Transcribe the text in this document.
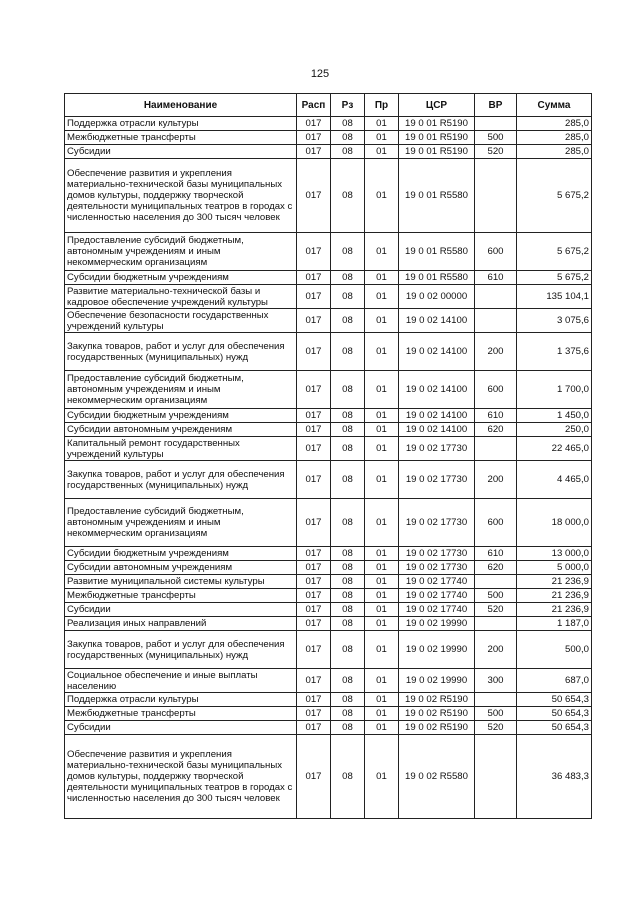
125
Наименование	Расп	Рз	Пр	ЦСР	ВР	Сумма
Поддержка отрасли культуры	017	08	01	19 0 01 R5190		285,0
Межбюджетные трансферты	017	08	01	19 0 01 R5190	500	285,0
Субсидии	017	08	01	19 0 01 R5190	520	285,0
Обеспечение развития и укрепления материально-технической базы муниципальных домов культуры, поддержку творческой деятельности муниципальных театров в городах с численностью населения до 300 тысяч человек	017	08	01	19 0 01 R5580		5 675,2
Предоставление субсидий бюджетным, автономным учреждениям и иным некоммерческим организациям	017	08	01	19 0 01 R5580	600	5 675,2
Субсидии бюджетным учреждениям	017	08	01	19 0 01 R5580	610	5 675,2
Развитие материально-технической базы и кадровое обеспечение учреждений культуры	017	08	01	19 0 02 00000		135 104,1
Обеспечение безопасности государственных учреждений культуры	017	08	01	19 0 02 14100		3 075,6
Закупка товаров, работ и услуг для обеспечения государственных (муниципальных) нужд	017	08	01	19 0 02 14100	200	1 375,6
Предоставление субсидий бюджетным, автономным учреждениям и иным некоммерческим организациям	017	08	01	19 0 02 14100	600	1 700,0
Субсидии бюджетным учреждениям	017	08	01	19 0 02 14100	610	1 450,0
Субсидии автономным учреждениям	017	08	01	19 0 02 14100	620	250,0
Капитальный ремонт государственных учреждений культуры	017	08	01	19 0 02 17730		22 465,0
Закупка товаров, работ и услуг для обеспечения государственных (муниципальных) нужд	017	08	01	19 0 02 17730	200	4 465,0
Предоставление субсидий бюджетным, автономным учреждениям и иным некоммерческим организациям	017	08	01	19 0 02 17730	600	18 000,0
Субсидии бюджетным учреждениям	017	08	01	19 0 02 17730	610	13 000,0
Субсидии автономным учреждениям	017	08	01	19 0 02 17730	620	5 000,0
Развитие муниципальной системы культуры	017	08	01	19 0 02 17740		21 236,9
Межбюджетные трансферты	017	08	01	19 0 02 17740	500	21 236,9
Субсидии	017	08	01	19 0 02 17740	520	21 236,9
Реализация иных направлений	017	08	01	19 0 02 19990		1 187,0
Закупка товаров, работ и услуг для обеспечения государственных (муниципальных) нужд	017	08	01	19 0 02 19990	200	500,0
Социальное обеспечение и иные выплаты населению	017	08	01	19 0 02 19990	300	687,0
Поддержка отрасли культуры	017	08	01	19 0 02 R5190		50 654,3
Межбюджетные трансферты	017	08	01	19 0 02 R5190	500	50 654,3
Субсидии	017	08	01	19 0 02 R5190	520	50 654,3
Обеспечение развития и укрепления материально-технической базы муниципальных домов культуры, поддержку творческой деятельности муниципальных театров в городах с численностью населения до 300 тысяч человек	017	08	01	19 0 02 R5580		36 483,3
